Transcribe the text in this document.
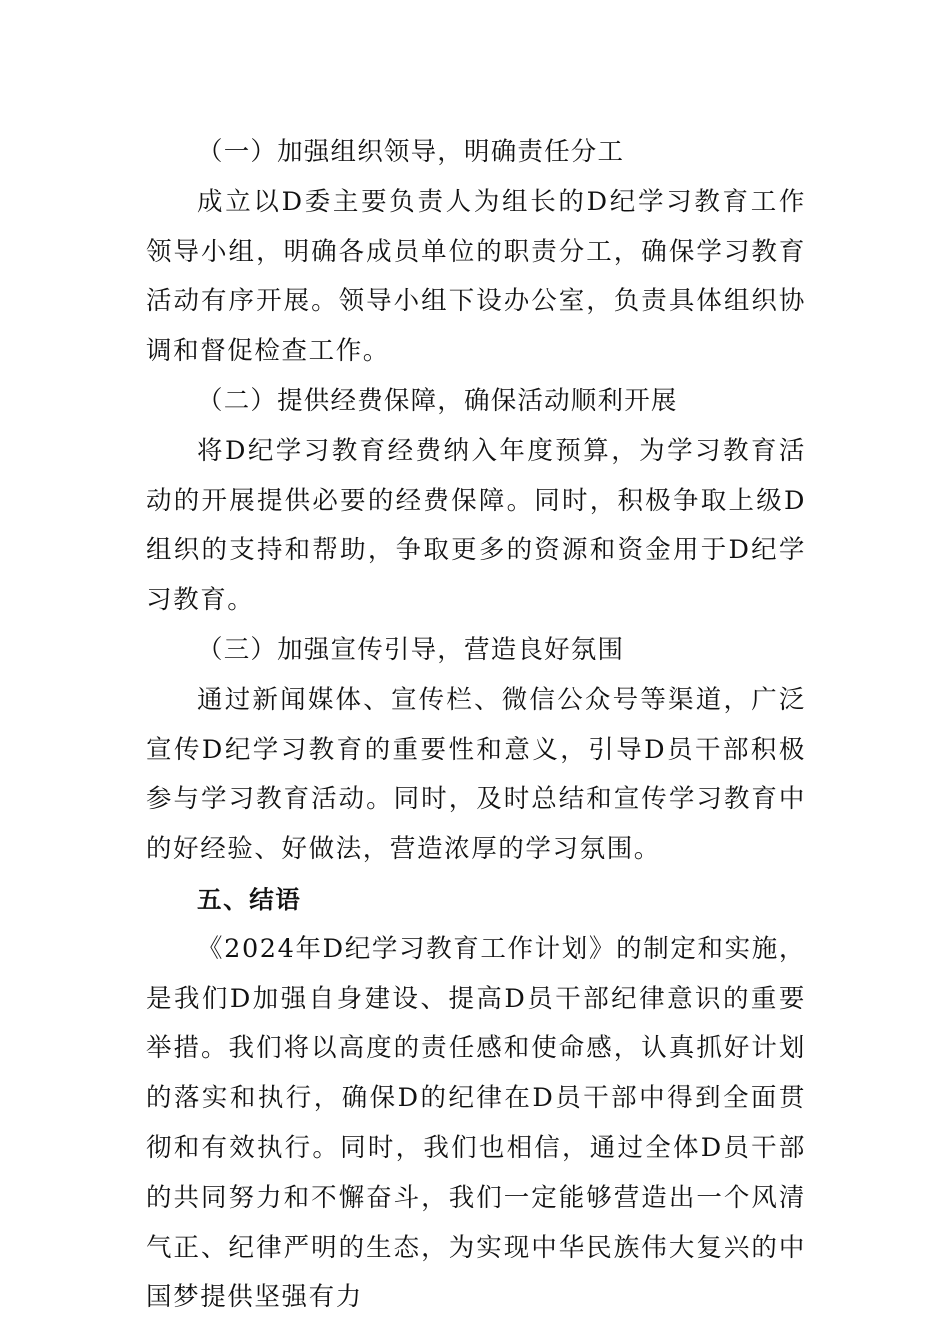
（一）加强组织领导，明确责任分工

成立以D委主要负责人为组长的D纪学习教育工作领导小组，明确各成员单位的职责分工，确保学习教育活动有序开展。领导小组下设办公室，负责具体组织协调和督促检查工作。

（二）提供经费保障，确保活动顺利开展

将D纪学习教育经费纳入年度预算，为学习教育活动的开展提供必要的经费保障。同时，积极争取上级D组织的支持和帮助，争取更多的资源和资金用于D纪学习教育。

（三）加强宣传引导，营造良好氛围

通过新闻媒体、宣传栏、微信公众号等渠道，广泛宣传D纪学习教育的重要性和意义，引导D员干部积极参与学习教育活动。同时，及时总结和宣传学习教育中的好经验、好做法，营造浓厚的学习氛围。

五、结语

《2024年D纪学习教育工作计划》的制定和实施，是我们D加强自身建设、提高D员干部纪律意识的重要举措。我们将以高度的责任感和使命感，认真抓好计划的落实和执行，确保D的纪律在D员干部中得到全面贯彻和有效执行。同时，我们也相信，通过全体D员干部的共同努力和不懈奋斗，我们一定能够营造出一个风清气正、纪律严明的生态，为实现中华民族伟大复兴的中国梦提供坚强有力
